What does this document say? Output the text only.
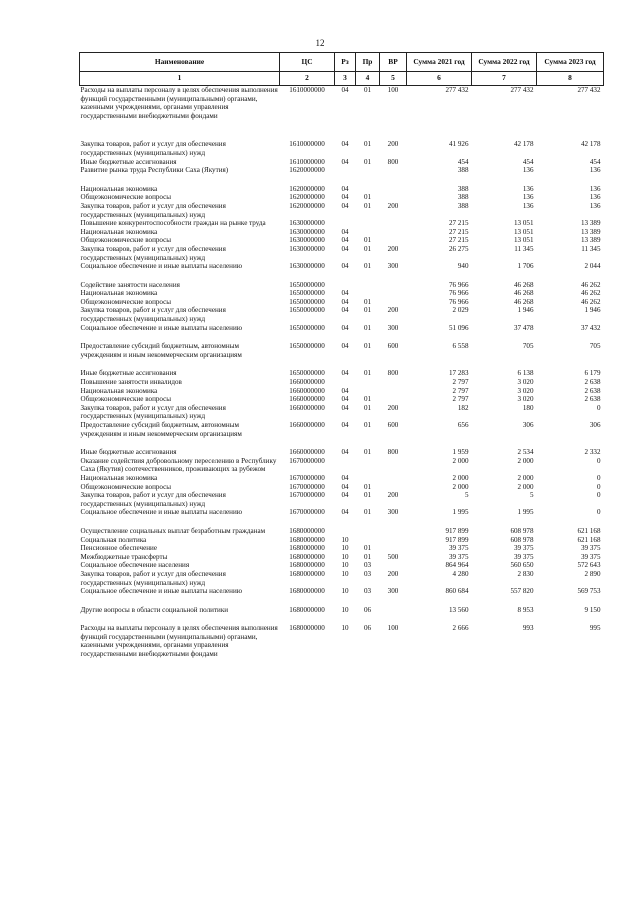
12
Наименование	ЦС	Рз	Пр	ВР	Сумма 2021 год	Сумма 2022 год	Сумма 2023 год
1	2	3	4	5	6	7	8
Расходы на выплаты персоналу в целях обеспечения выполнения функций государственными (муниципальными) органами, казенными учреждениями, органами управления государственными внебюджетными фондами	1610000000	04	01	100	277 432	277 432	277 432

Закупка товаров, работ и услуг для обеспечения государственных (муниципальных) нужд	1610000000	04	01	200	41 926	42 178	42 178
Иные бюджетные ассигнования	1610000000	04	01	800	454	454	454
Развитие рынка труда Республики Саха (Якутия)	1620000000				388	136	136

Национальная экономика	1620000000	04			388	136	136
Общеэкономические вопросы	1620000000	04	01		388	136	136
Закупка товаров, работ и услуг для обеспечения государственных (муниципальных) нужд	1620000000	04	01	200	388	136	136
Повышение конкурентоспособности граждан на рынке труда	1630000000				27 215	13 051	13 389
Национальная экономика	1630000000	04			27 215	13 051	13 389
Общеэкономические вопросы	1630000000	04	01		27 215	13 051	13 389
Закупка товаров, работ и услуг для обеспечения государственных (муниципальных) нужд	1630000000	04	01	200	26 275	11 345	11 345
Социальное обеспечение и иные выплаты населению	1630000000	04	01	300	940	1 706	2 044

Содействие занятости населения	1650000000				76 966	46 268	46 262
Национальная экономика	1650000000	04			76 966	46 268	46 262
Общеэкономические вопросы	1650000000	04	01		76 966	46 268	46 262
Закупка товаров, работ и услуг для обеспечения государственных (муниципальных) нужд	1650000000	04	01	200	2 029	1 946	1 946
Социальное обеспечение и иные выплаты населению	1650000000	04	01	300	51 096	37 478	37 432

Предоставление субсидий бюджетным, автономным учреждениям и иным некоммерческим организациям	1650000000	04	01	600	6 558	705	705

Иные бюджетные ассигнования	1650000000	04	01	800	17 283	6 138	6 179
Повышение занятости инвалидов	1660000000				2 797	3 020	2 638
Национальная экономика	1660000000	04			2 797	3 020	2 638
Общеэкономические вопросы	1660000000	04	01		2 797	3 020	2 638
Закупка товаров, работ и услуг для обеспечения государственных (муниципальных) нужд	1660000000	04	01	200	182	180	0
Предоставление субсидий бюджетным, автономным учреждениям и иным некоммерческим организациям	1660000000	04	01	600	656	306	306

Иные бюджетные ассигнования	1660000000	04	01	800	1 959	2 534	2 332
Оказание содействия добровольному переселению в Республику Саха (Якутия) соотечественников, проживающих за рубежом	1670000000				2 000	2 000	0
Национальная экономика	1670000000	04			2 000	2 000	0
Общеэкономические вопросы	1670000000	04	01		2 000	2 000	0
Закупка товаров, работ и услуг для обеспечения государственных (муниципальных) нужд	1670000000	04	01	200	5	5	0
Социальное обеспечение и иные выплаты населению	1670000000	04	01	300	1 995	1 995	0

Осуществление социальных выплат безработным гражданам	1680000000				917 899	608 978	621 168
Социальная политика	1680000000	10			917 899	608 978	621 168
Пенсионное обеспечение	1680000000	10	01		39 375	39 375	39 375
Межбюджетные трансферты	1680000000	10	01	500	39 375	39 375	39 375
Социальное обеспечение населения	1680000000	10	03		864 964	560 650	572 643
Закупка товаров, работ и услуг для обеспечения государственных (муниципальных) нужд	1680000000	10	03	200	4 280	2 830	2 890
Социальное обеспечение и иные выплаты населению	1680000000	10	03	300	860 684	557 820	569 753

Другие вопросы в области социальной политики	1680000000	10	06		13 560	8 953	9 150

Расходы на выплаты персоналу в целях обеспечения выполнения функций государственными (муниципальными) органами, казенными учреждениями, органами управления государственными внебюджетными фондами	1680000000	10	06	100	2 666	993	995
